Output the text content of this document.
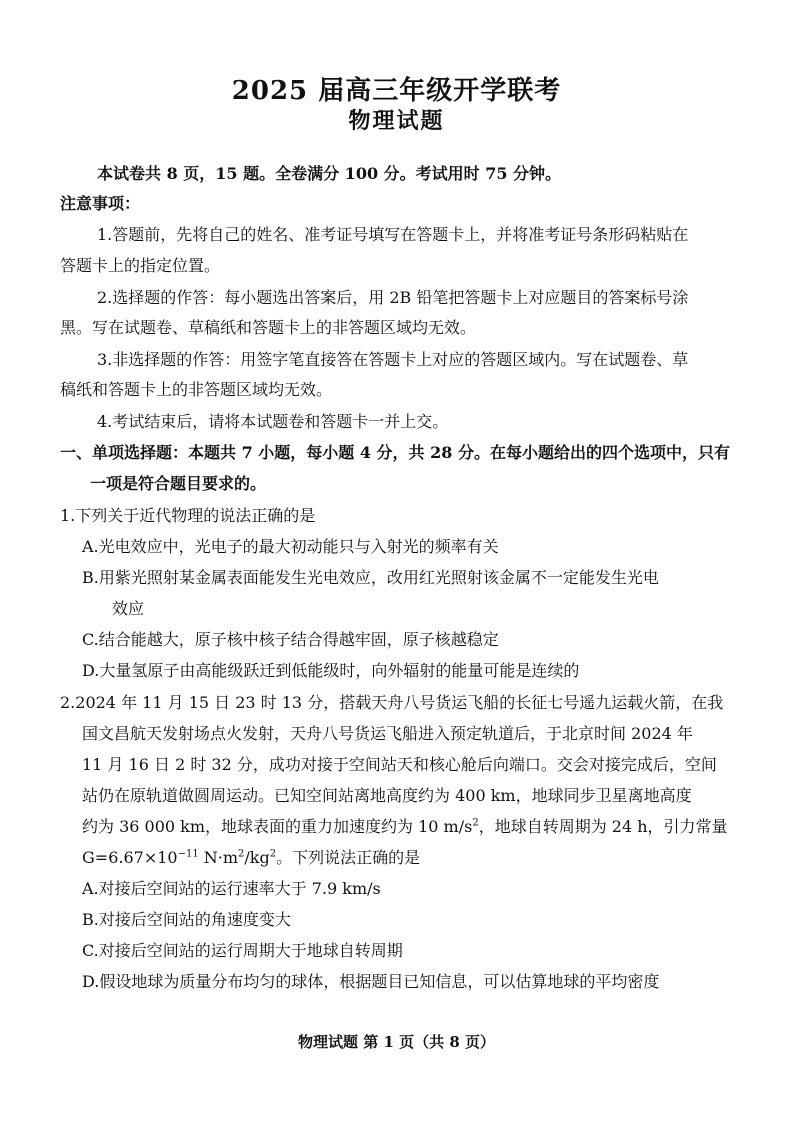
2025 届高三年级开学联考
物理试题
本试卷共 8 页，15 题。全卷满分 100 分。考试用时 75 分钟。
注意事项：
1.答题前，先将自己的姓名、准考证号填写在答题卡上，并将准考证号条形码粘贴在
答题卡上的指定位置。
2.选择题的作答：每小题选出答案后，用 2B 铅笔把答题卡上对应题目的答案标号涂
黑。写在试题卷、草稿纸和答题卡上的非答题区域均无效。
3.非选择题的作答：用签字笔直接答在答题卡上对应的答题区域内。写在试题卷、草
稿纸和答题卡上的非答题区域均无效。
4.考试结束后，请将本试题卷和答题卡一并上交。
一、单项选择题：本题共 7 小题，每小题 4 分，共 28 分。在每小题给出的四个选项中，只有
一项是符合题目要求的。
1.下列关于近代物理的说法正确的是
A.光电效应中，光电子的最大初动能只与入射光的频率有关
B.用紫光照射某金属表面能发生光电效应，改用红光照射该金属不一定能发生光电
效应
C.结合能越大，原子核中核子结合得越牢固，原子核越稳定
D.大量氢原子由高能级跃迁到低能级时，向外辐射的能量可能是连续的
2.2024 年 11 月 15 日 23 时 13 分，搭载天舟八号货运飞船的长征七号遥九运载火箭，在我
国文昌航天发射场点火发射，天舟八号货运飞船进入预定轨道后，于北京时间 2024 年
11 月 16 日 2 时 32 分，成功对接于空间站天和核心舱后向端口。交会对接完成后，空间
站仍在原轨道做圆周运动。已知空间站离地高度约为 400 km，地球同步卫星离地高度
约为 36 000 km，地球表面的重力加速度约为 10 $m/s^2$，地球自转周期为 24 h，引力常量
$G=6.67\times 10^{-11}$ $N\cdot m^2/kg^2$。下列说法正确的是
A.对接后空间站的运行速率大于 7.9 km/s
B.对接后空间站的角速度变大
C.对接后空间站的运行周期大于地球自转周期
D.假设地球为质量分布均匀的球体，根据题目已知信息，可以估算地球的平均密度
物理试题 第 1 页（共 8 页）
